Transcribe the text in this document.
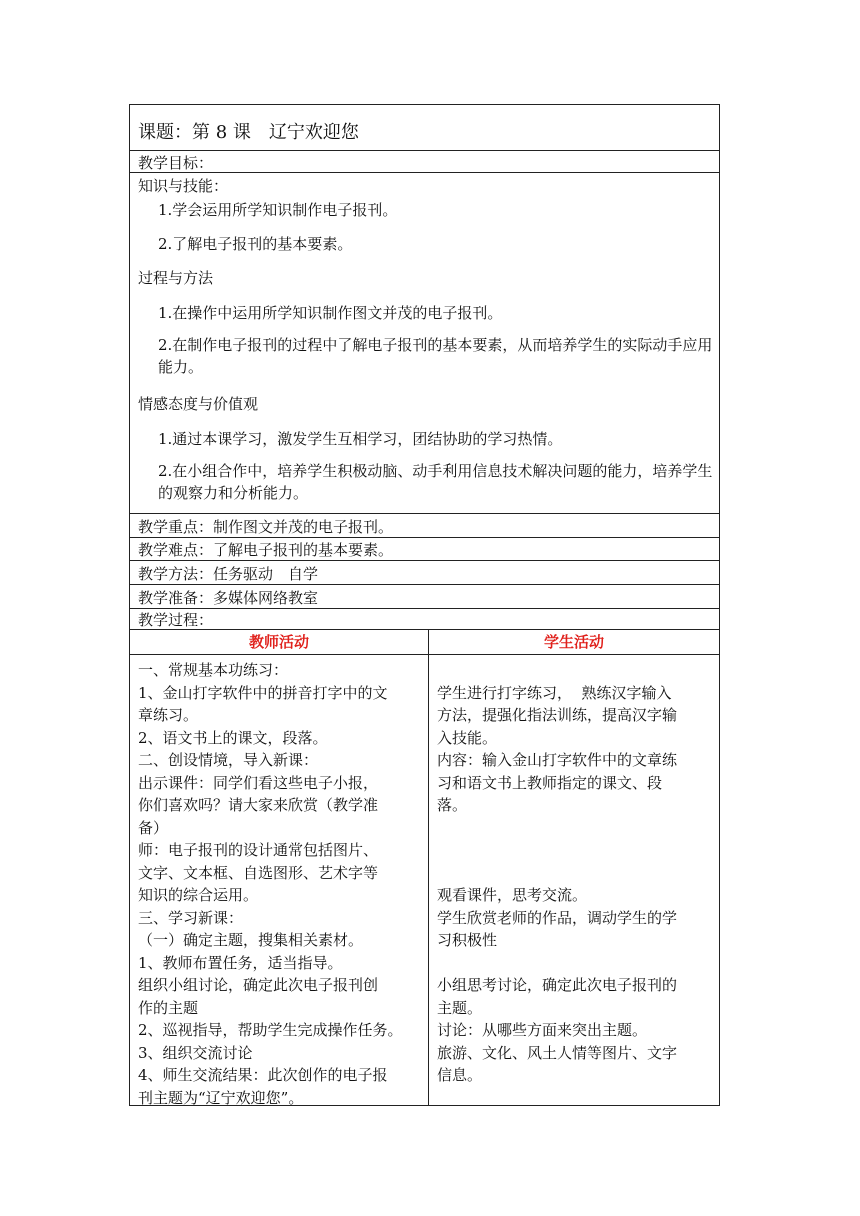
课题：第 8 课　辽宁欢迎您
教学目标：
知识与技能：
1.学会运用所学知识制作电子报刊。
2.了解电子报刊的基本要素。
过程与方法
1.在操作中运用所学知识制作图文并茂的电子报刊。
2.在制作电子报刊的过程中了解电子报刊的基本要素，从而培养学生的实际动手应用能力。
情感态度与价值观
1.通过本课学习，激发学生互相学习，团结协助的学习热情。
2.在小组合作中，培养学生积极动脑、动手利用信息技术解决问题的能力，培养学生的观察力和分析能力。
教学重点：制作图文并茂的电子报刊。
教学难点：了解电子报刊的基本要素。
教学方法：任务驱动　自学
教学准备：多媒体网络教室
教学过程：
教师活动	学生活动
一、常规基本功练习：
1、金山打字软件中的拼音打字中的文
章练习。
2、语文书上的课文，段落。
二、创设情境，导入新课：
出示课件：同学们看这些电子小报，
你们喜欢吗？请大家来欣赏（教学准
备）
师：电子报刊的设计通常包括图片、
文字、文本框、自选图形、艺术字等
知识的综合运用。
三、学习新课：
（一）确定主题，搜集相关素材。
1、教师布置任务，适当指导。
组织小组讨论，确定此次电子报刊创
作的主题
2、巡视指导，帮助学生完成操作任务。
3、组织交流讨论
4、师生交流结果：此次创作的电子报
刊主题为“辽宁欢迎您”。

学生进行打字练习，  熟练汉字输入
方法，提强化指法训练，提高汉字输
入技能。
内容：输入金山打字软件中的文章练
习和语文书上教师指定的课文、段
落。

观看课件，思考交流。
学生欣赏老师的作品，调动学生的学
习积极性

小组思考讨论，确定此次电子报刊的
主题。
讨论：从哪些方面来突出主题。
旅游、文化、风土人情等图片、文字
信息。
